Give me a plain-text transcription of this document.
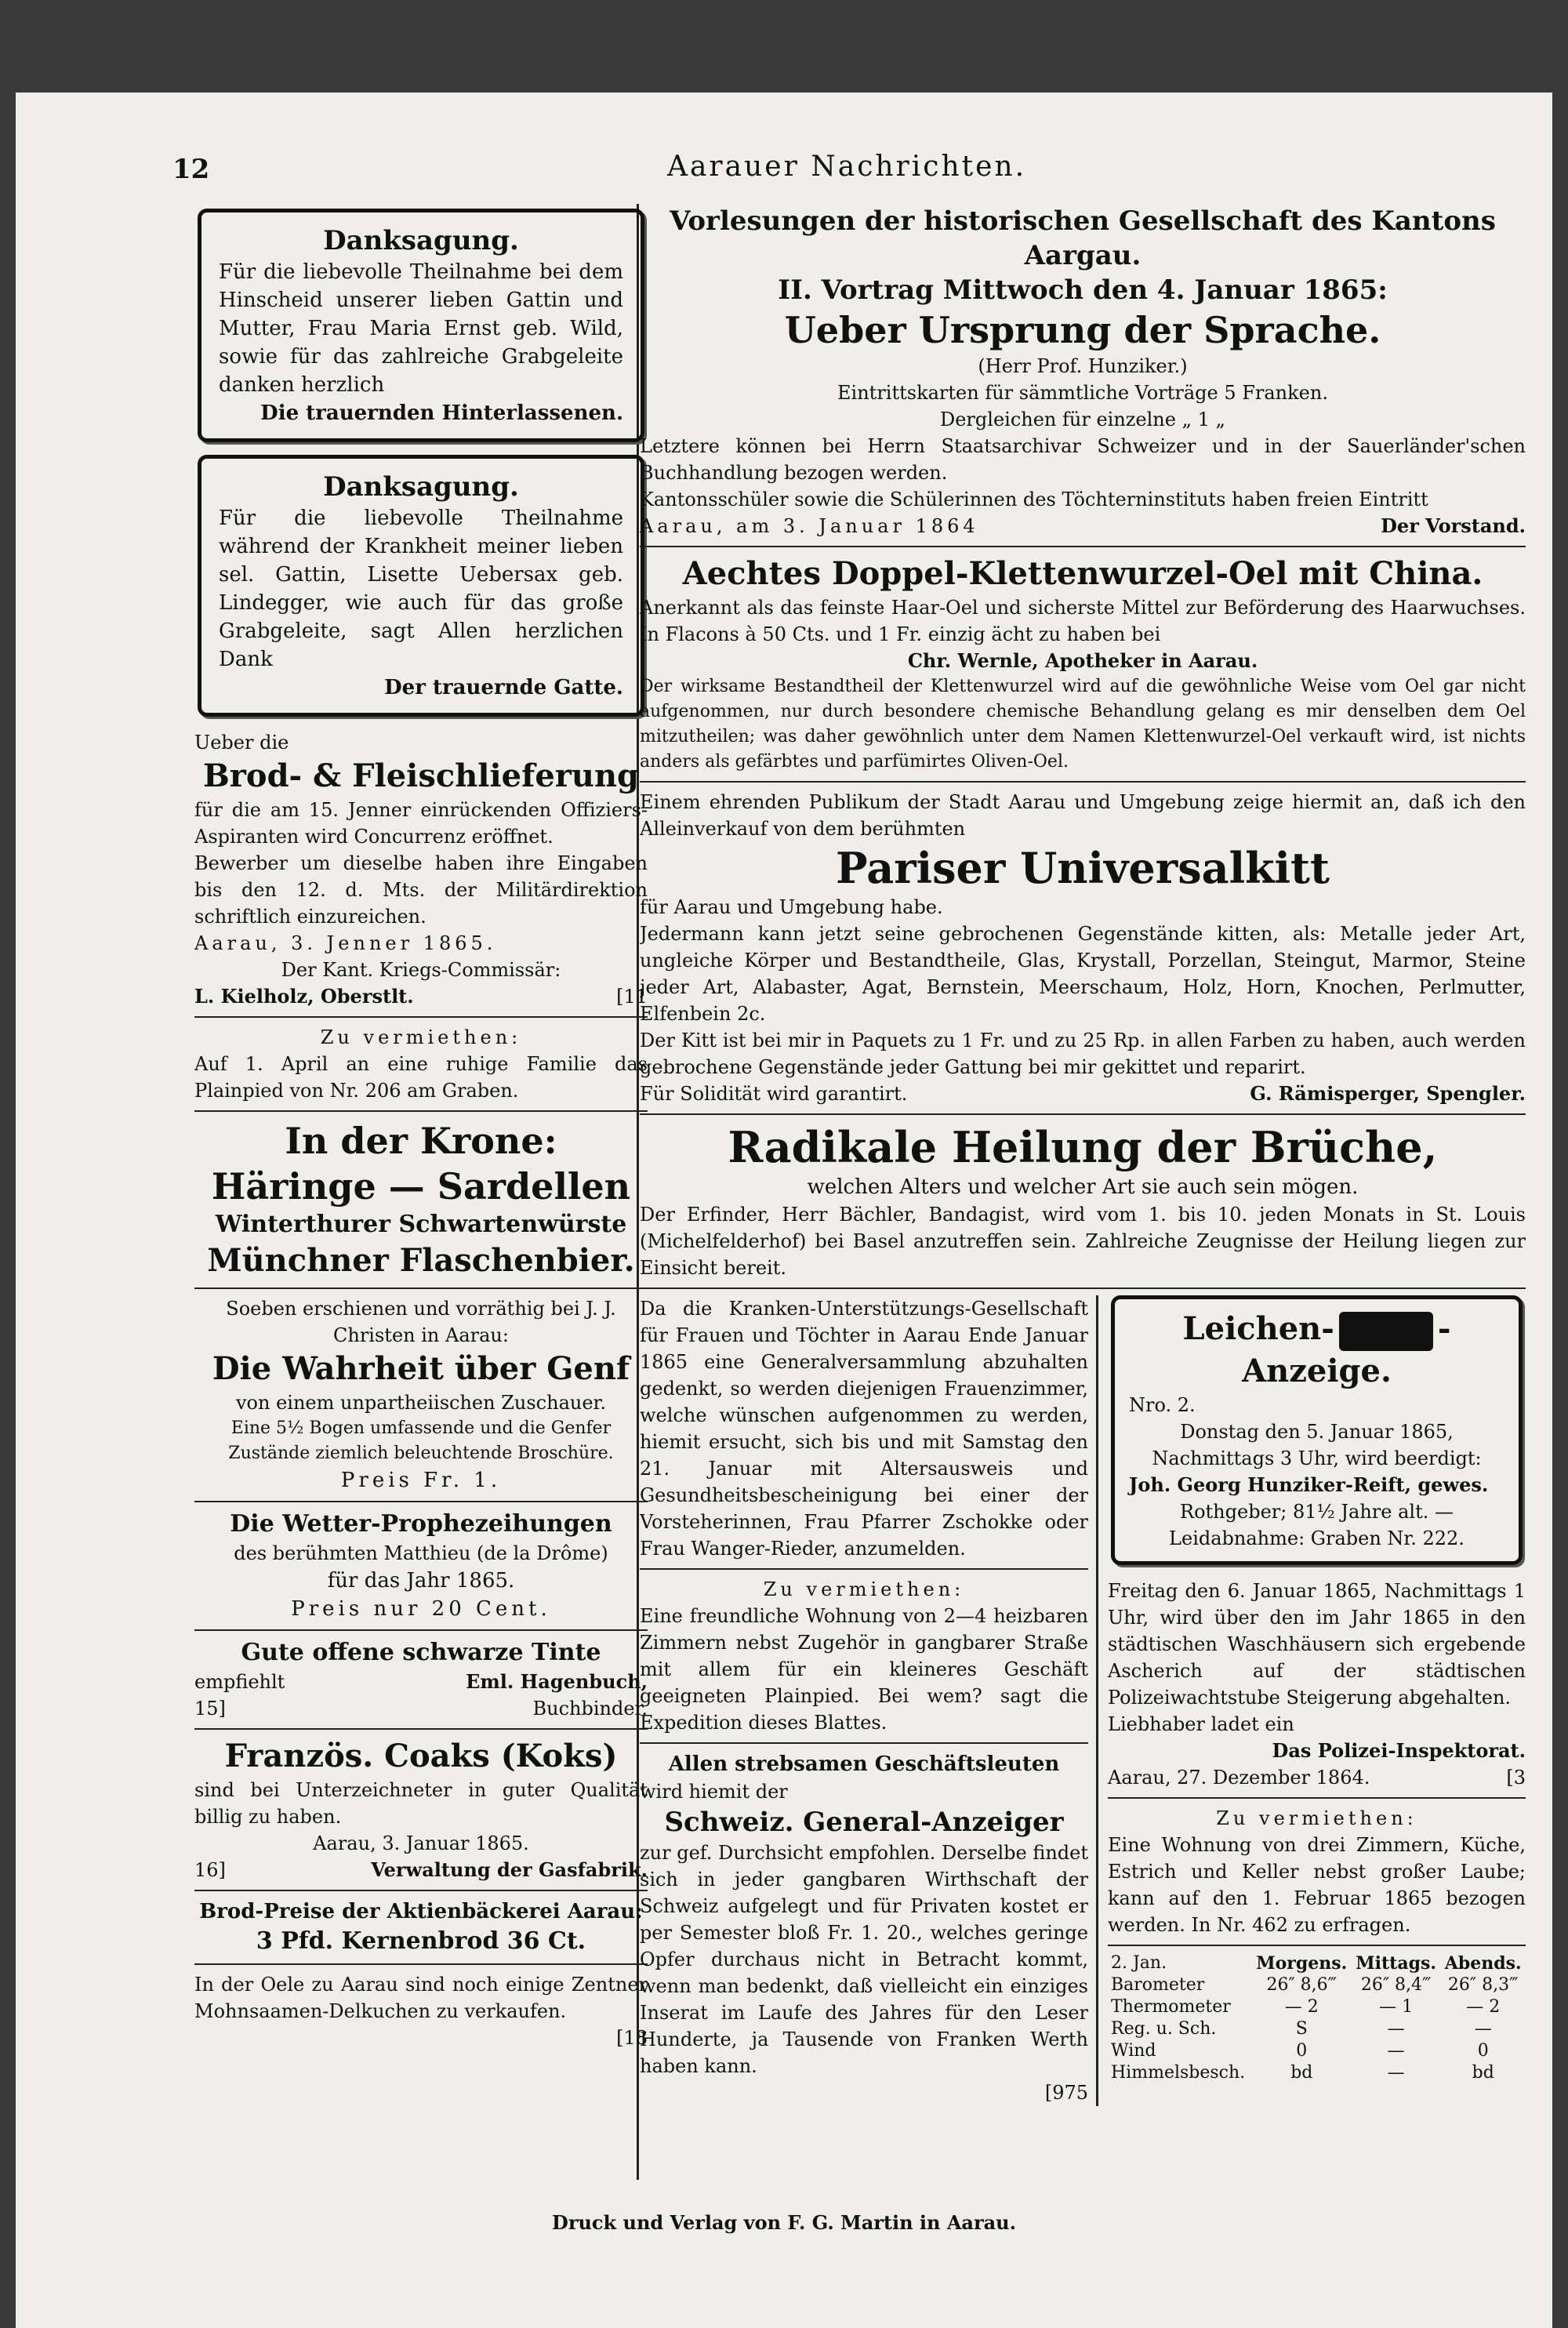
12	Aarauer Nachrichten.

Danksagung.

Für die liebevolle Theilnahme bei dem Hinscheid unserer lieben Gattin und Mutter, Frau Maria Ernst geb. Wild, sowie für das zahlreiche Grabgeleite danken herzlich

Die trauernden Hinterlassenen.

Danksagung.

Für die liebevolle Theilnahme während der Krankheit meiner lieben sel. Gattin, Lisette Uebersax geb. Lindegger, wie auch für das große Grabgeleite, sagt Allen herzlichen Dank

Der trauernde Gatte.

Ueber die

Brod- & Fleischlieferung

für die am 15. Jenner einrückenden Offiziers-Aspiranten wird Concurrenz eröffnet.

Bewerber um dieselbe haben ihre Eingaben bis den 12. d. Mts. der Militärdirektion schriftlich einzureichen.

Aarau, 3. Jenner 1865.

Der Kant. Kriegs-Commissär:

L. Kielholz, Oberstlt.	[11

Zu vermiethen:

Auf 1. April an eine ruhige Familie das Plainpied von Nr. 206 am Graben.

In der Krone:

Häringe — Sardellen

Winterthurer Schwartenwürste

Münchner Flaschenbier.

Soeben erschienen und vorräthig bei J. J. Christen in Aarau:

Die Wahrheit über Genf

von einem unpartheiischen Zuschauer.

Eine 5½ Bogen umfassende und die Genfer Zustände ziemlich beleuchtende Broschüre.

Preis Fr. 1.

Die Wetter-Prophezeihungen

des berühmten Matthieu (de la Drôme)

für das Jahr 1865.

Preis nur 20 Cent.

Gute offene schwarze Tinte

empfiehlt	Eml. Hagenbuch,
15]	Buchbinder.

Französ. Coaks (Koks)

sind bei Unterzeichneter in guter Qualität billig zu haben.

Aarau, 3. Januar 1865.

16]	Verwaltung der Gasfabrik.

Brod-Preise der Aktienbäckerei Aarau:

3 Pfd. Kernenbrod 36 Ct.

In der Oele zu Aarau sind noch einige Zentner Mohnsaamen-Delkuchen zu verkaufen.

[18

Vorlesungen der historischen Gesellschaft des Kantons Aargau.

II. Vortrag Mittwoch den 4. Januar 1865:

Ueber Ursprung der Sprache.

(Herr Prof. Hunziker.)

Eintrittskarten für sämmtliche Vorträge 5 Franken.

Dergleichen für einzelne „ 1 „

Letztere können bei Herrn Staatsarchivar Schweizer und in der Sauerländer'schen Buchhandlung bezogen werden.

Kantonsschüler sowie die Schülerinnen des Töchterninstituts haben freien Eintritt

Aarau, am 3. Januar 1864	Der Vorstand.

Aechtes Doppel-Klettenwurzel-Oel mit China.

Anerkannt als das feinste Haar-Oel und sicherste Mittel zur Beförderung des Haarwuchses. In Flacons à 50 Cts. und 1 Fr. einzig ächt zu haben bei

Chr. Wernle, Apotheker in Aarau.

Der wirksame Bestandtheil der Klettenwurzel wird auf die gewöhnliche Weise vom Oel gar nicht aufgenommen, nur durch besondere chemische Behandlung gelang es mir denselben dem Oel mitzutheilen; was daher gewöhnlich unter dem Namen Klettenwurzel-Oel verkauft wird, ist nichts anders als gefärbtes und parfümirtes Oliven-Oel.

Einem ehrenden Publikum der Stadt Aarau und Umgebung zeige hiermit an, daß ich den Alleinverkauf von dem berühmten

Pariser Universalkitt

für Aarau und Umgebung habe.

Jedermann kann jetzt seine gebrochenen Gegenstände kitten, als: Metalle jeder Art, ungleiche Körper und Bestandtheile, Glas, Krystall, Porzellan, Steingut, Marmor, Steine jeder Art, Alabaster, Agat, Bernstein, Meerschaum, Holz, Horn, Knochen, Perlmutter, Elfenbein 2c.

Der Kitt ist bei mir in Paquets zu 1 Fr. und zu 25 Rp. in allen Farben zu haben, auch werden gebrochene Gegenstände jeder Gattung bei mir gekittet und reparirt.

Für Solidität wird garantirt.	G. Rämisperger, Spengler.

Radikale Heilung der Brüche,

welchen Alters und welcher Art sie auch sein mögen.

Der Erfinder, Herr Bächler, Bandagist, wird vom 1. bis 10. jeden Monats in St. Louis (Michelfelderhof) bei Basel anzutreffen sein. Zahlreiche Zeugnisse der Heilung liegen zur Einsicht bereit.

Da die Kranken-Unterstützungs-Gesellschaft für Frauen und Töchter in Aarau Ende Januar 1865 eine Generalversammlung abzuhalten gedenkt, so werden diejenigen Frauenzimmer, welche wünschen aufgenommen zu werden, hiemit ersucht, sich bis und mit Samstag den 21. Januar mit Altersausweis und Gesundheitsbescheinigung bei einer der Vorsteherinnen, Frau Pfarrer Zschokke oder Frau Wanger-Rieder, anzumelden.

Zu vermiethen:

Eine freundliche Wohnung von 2—4 heizbaren Zimmern nebst Zugehör in gangbarer Straße mit allem für ein kleineres Geschäft geeigneten Plainpied. Bei wem? sagt die Expedition dieses Blattes.

Allen strebsamen Geschäftsleuten

wird hiemit der

Schweiz. General-Anzeiger

zur gef. Durchsicht empfohlen. Derselbe findet sich in jeder gangbaren Wirthschaft der Schweiz aufgelegt und für Privaten kostet er per Semester bloß Fr. 1. 20., welches geringe Opfer durchaus nicht in Betracht kommt, wenn man bedenkt, daß vielleicht ein einziges Inserat im Laufe des Jahres für den Leser Hunderte, ja Tausende von Franken Werth haben kann.

[975

Leichen-	-Anzeige.

Nro. 2.

Donstag den 5. Januar 1865,

Nachmittags 3 Uhr, wird beerdigt:

Joh. Georg Hunziker-Reift, gewes.

Rothgeber; 81½ Jahre alt. —

Leidabnahme: Graben Nr. 222.

Freitag den 6. Januar 1865, Nachmittags 1 Uhr, wird über den im Jahr 1865 in den städtischen Waschhäusern sich ergebende Ascherich auf der städtischen Polizeiwachtstube Steigerung abgehalten.

Liebhaber ladet ein

Das Polizei-Inspektorat.

Aarau, 27. Dezember 1864.	[3

Zu vermiethen:

Eine Wohnung von drei Zimmern, Küche, Estrich und Keller nebst großer Laube; kann auf den 1. Februar 1865 bezogen werden. In Nr. 462 zu erfragen.

2. Jan.	Morgens.	Mittags.	Abends.
Barometer	26″ 8,6‴	26″ 8,4‴	26″ 8,3‴
Thermometer	— 2	— 1	— 2
Reg. u. Sch.	S	—	—
Wind	0	—	0
Himmelsbesch.	bd	—	bd
Druck und Verlag von F. G. Martin in Aarau.
